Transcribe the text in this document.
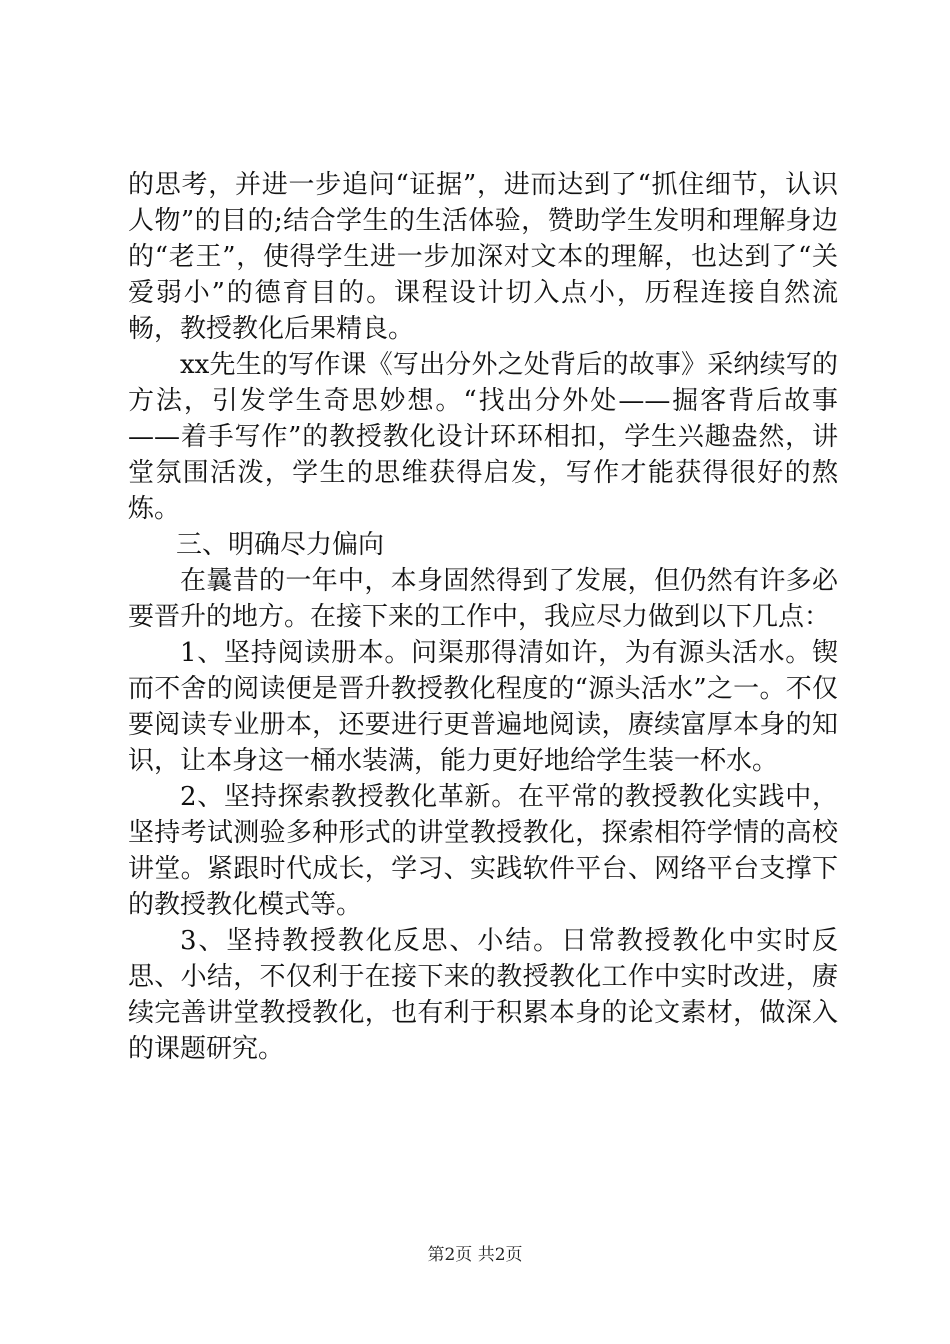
的思考，并进一步追问“证据”，进而达到了“抓住细节，认识人物”的目的;结合学生的生活体验，赞助学生发明和理解身边的“老王”，使得学生进一步加深对文本的理解，也达到了“关爱弱小”的德育目的。课程设计切入点小，历程连接自然流畅，教授教化后果精良。

xx先生的写作课《写出分外之处背后的故事》采纳续写的方法，引发学生奇思妙想。“找出分外处——掘客背后故事——着手写作”的教授教化设计环环相扣，学生兴趣盎然，讲堂氛围活泼，学生的思维获得启发，写作才能获得很好的熬炼。

三、明确尽力偏向

在曩昔的一年中，本身固然得到了发展，但仍然有许多必要晋升的地方。在接下来的工作中，我应尽力做到以下几点：

1、坚持阅读册本。问渠那得清如许，为有源头活水。锲而不舍的阅读便是晋升教授教化程度的“源头活水”之一。不仅要阅读专业册本，还要进行更普遍地阅读，赓续富厚本身的知识，让本身这一桶水装满，能力更好地给学生装一杯水。

2、坚持探索教授教化革新。在平常的教授教化实践中，坚持考试测验多种形式的讲堂教授教化，探索相符学情的高校讲堂。紧跟时代成长，学习、实践软件平台、网络平台支撑下的教授教化模式等。

3、坚持教授教化反思、小结。日常教授教化中实时反思、小结，不仅利于在接下来的教授教化工作中实时改进，赓续完善讲堂教授教化，也有利于积累本身的论文素材，做深入的课题研究。

第2页 共2页
